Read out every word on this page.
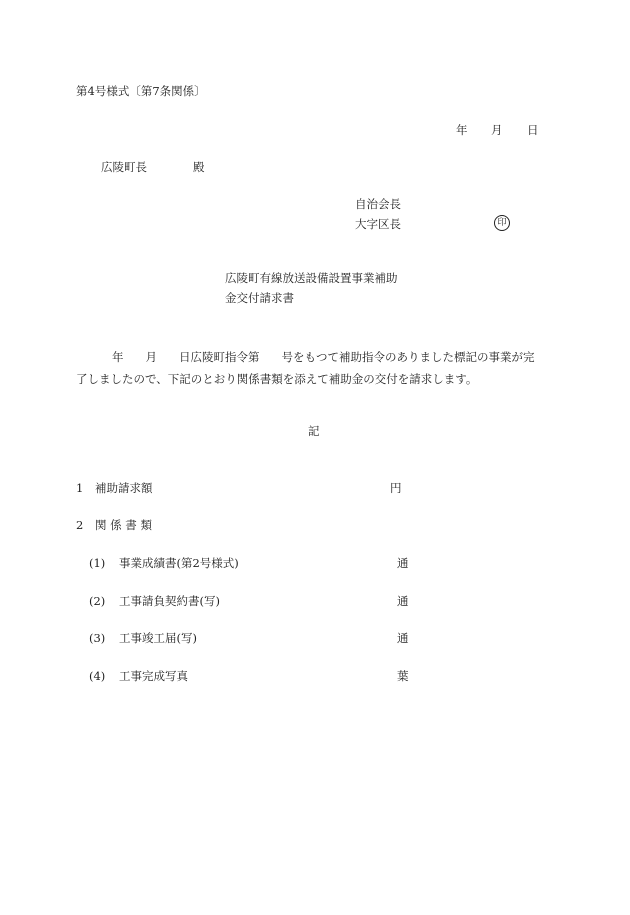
第4号様式〔第7条関係〕
年 月 日
広陵町長	殿
自治会長
大字区長	印
広陵町有線放送設備設置事業補助
金交付請求書
年 月 日広陵町指令第 号をもつて補助指令のありました標記の事業が完
了しましたので、下記のとおり関係書類を添えて補助金の交付を請求します。
記
1 補助請求額	円
2 関 係 書 類
(1) 事業成績書(第2号様式)	通
(2) 工事請負契約書(写)	通
(3) 工事竣工届(写)	通
(4) 工事完成写真	葉
